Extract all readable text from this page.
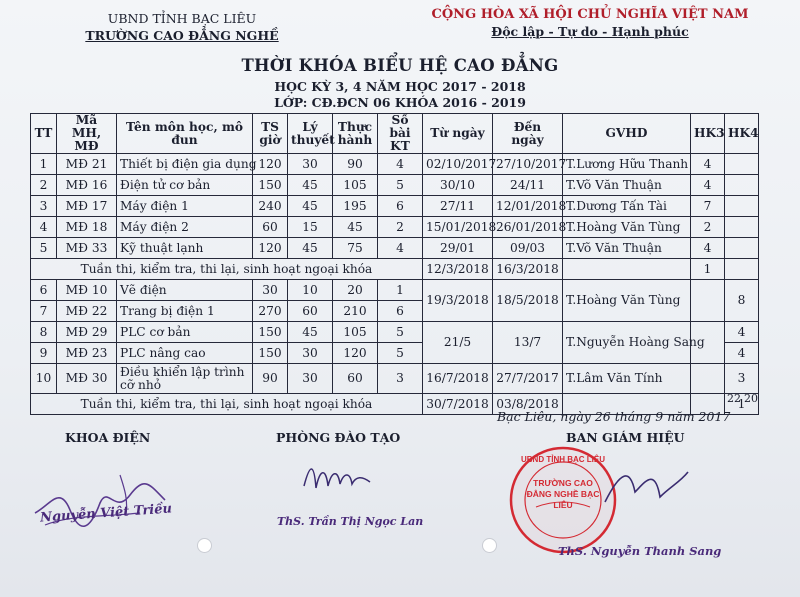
UBND TỈNH BẠC LIÊU
TRƯỜNG CAO ĐẲNG NGHỀ
CỘNG HÒA XÃ HỘI CHỦ NGHĨA VIỆT NAM
Độc lập - Tự do - Hạnh phúc
THỜI KHÓA BIỂU HỆ CAO ĐẲNG
HỌC KỲ 3, 4 NĂM HỌC 2017 - 2018
LỚP: CĐ.ĐCN 06 KHÓA 2016 - 2019
TT	Mã MH, MĐ	Tên môn học, mô đun	TS giờ	Lý thuyết	Thực hành	Số bài KT	Từ ngày	Đến ngày	GVHD	HK3	HK4
1	MĐ 21	Thiết bị điện gia dụng	120	30	90	4	02/10/2017	27/10/2017	T.Lương Hữu Thanh	4	
2	MĐ 16	Điện tử cơ bản	150	45	105	5	30/10	24/11	T.Võ Văn Thuận	4	
3	MĐ 17	Máy điện 1	240	45	195	6	27/11	12/01/2018	T.Dương Tấn Tài	7	
4	MĐ 18	Máy điện 2	60	15	45	2	15/01/2018	26/01/2018	T.Hoàng Văn Tùng	2	
5	MĐ 33	Kỹ thuật lạnh	120	45	75	4	29/01	09/03	T.Võ Văn Thuận	4	
Tuần thi, kiểm tra, thi lại, sinh hoạt ngoại khóa							12/3/2018	16/3/2018		1	
6	MĐ 10	Vẽ điện	30	10	20	1	19/3/2018	18/5/2018	T.Hoàng Văn Tùng		8
7	MĐ 22	Trang bị điện 1	270	60	210	6					
8	MĐ 29	PLC cơ bản	150	45	105	5	21/5	13/7	T.Nguyễn Hoàng Sang		4
9	MĐ 23	PLC nâng cao	150	30	120	5					4
10	MĐ 30	Điều khiển lập trình cỡ nhỏ	90	30	60	3	16/7/2018	27/7/2017	T.Lâm Văn Tính		3
Tuần thi, kiểm tra, thi lại, sinh hoạt ngoại khóa							30/7/2018	03/8/2018			1
22 20
Bạc Liêu, ngày 26 tháng 9 năm 2017
KHOA ĐIỆN	PHÒNG ĐÀO TẠO	BAN GIÁM HIỆU
Nguyễn Việt Triều	ThS. Trần Thị Ngọc Lan
UBND TỈNH BẠC LIÊU
TRƯỜNG CAO ĐẲNG NGHỀ BẠC LIÊU
ThS. Nguyễn Thanh Sang
